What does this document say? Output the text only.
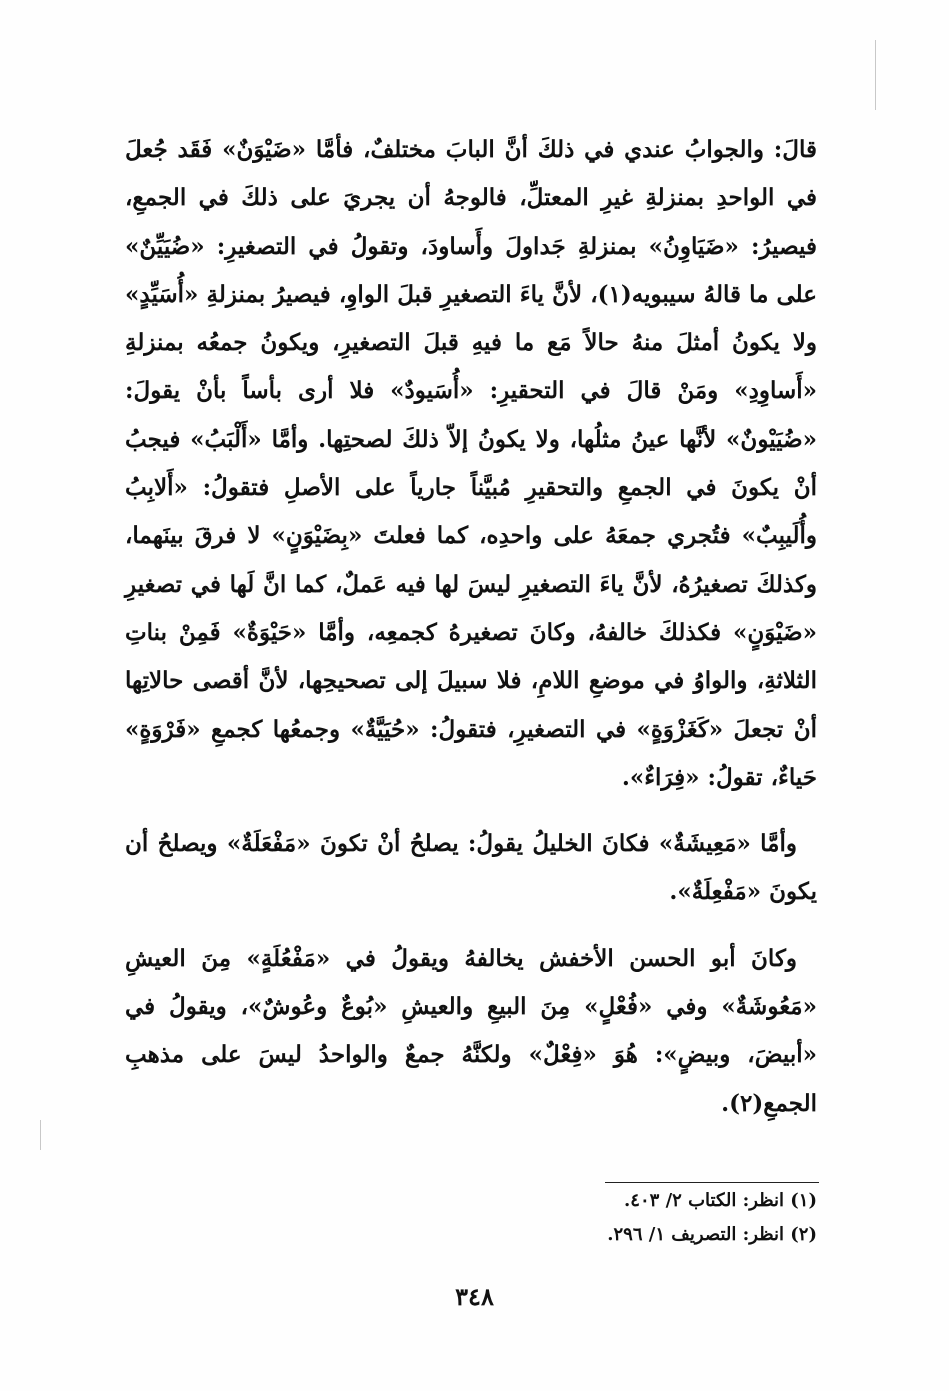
قالَ: والجوابُ عندي في ذلكَ أنَّ البابَ مختلفٌ، فأمَّا «ضَيْوَنٌ» فَقَد جُعلَ في الواحدِ بمنزلةِ غيرِ المعتلِّ، فالوجهُ أن يجريَ على ذلكَ في الجمعِ، فيصيرُ: «ضَيَاوِنُ» بمنزلةِ جَداولَ وأَساودَ، وتقولُ في التصغيرِ: «ضُيَيِّنٌ» على ما قالهُ سيبويه(١)، لأنَّ ياءَ التصغيرِ قبلَ الواوِ، فيصيرُ بمنزلةِ «أُسَيِّدٍ» ولا يكونُ أمثلَ منهُ حالاً مَع ما فيهِ قبلَ التصغيرِ، ويكونُ جمعُه بمنزلةِ «أَساوِدِ» ومَنْ قالَ في التحقيرِ: «أُسَيودٌ» فلا أرى بأساً بأنْ يقولَ: «ضُيَيْونٌ» لأنَّها عينُ مثلُها، ولا يكونُ إلاّ ذلكَ لصحتِها. وأمَّا «أَلْبَبُ» فيجبُ أنْ يكونَ في الجمعِ والتحقيرِ مُبيَّناً جارياً على الأصلِ فتقولُ: «أَلابِبُ وأُلَيبِبٌ» فتُجري جمعَهُ على واحدِه، كما فعلتَ «بِضَيْوَنٍ» لا فرقَ بينَهما، وكذلكَ تصغيرُهُ، لأنَّ ياءَ التصغيرِ ليسَ لها فيه عَملٌ، كما انَّ لَها في تصغيرِ «ضَيْوَنٍ» فكذلكَ خالفهُ، وكانَ تصغيرهُ كجمعِه، وأمَّا «حَيْوَةٌ» فَمِنْ بناتِ الثلاثةِ، والواوُ في موضعِ اللامِ، فلا سبيلَ إلى تصحيحِها، لأنَّ أقصى حالاتِها أنْ تجعلَ «كَغَزْوَةٍ» في التصغيرِ، فتقولُ: «حُيَيَّةٌ» وجمعُها كجمعِ «فَرْوَةٍ» حَياءٌ، تقولُ: «فِرَاءٌ».

وأمَّا «مَعِيشَةٌ» فكانَ الخليلُ يقولُ: يصلحُ أنْ تكونَ «مَفْعَلَةٌ» ويصلحُ أن يكونَ «مَفْعِلَةٌ».

وكانَ أبو الحسن الأخفش يخالفهُ ويقولُ في «مَفْعُلَةٍ» مِنَ العيشِ «مَعُوشَةٌ» وفي «فُعْلٍ» مِنَ البيعِ والعيشِ «بُوعٌ وعُوشٌ»، ويقولُ في «أبيضَ، وبيضٍ»: هُوَ «فِعْلٌ» ولكنَّهُ جمعٌ والواحدُ ليسَ على مذهبِ الجمعِ(٢).

(١) انظر: الكتاب ٢/ ٤٠٣.

(٢) انظر: التصريف ١/ ٢٩٦.

٣٤٨
